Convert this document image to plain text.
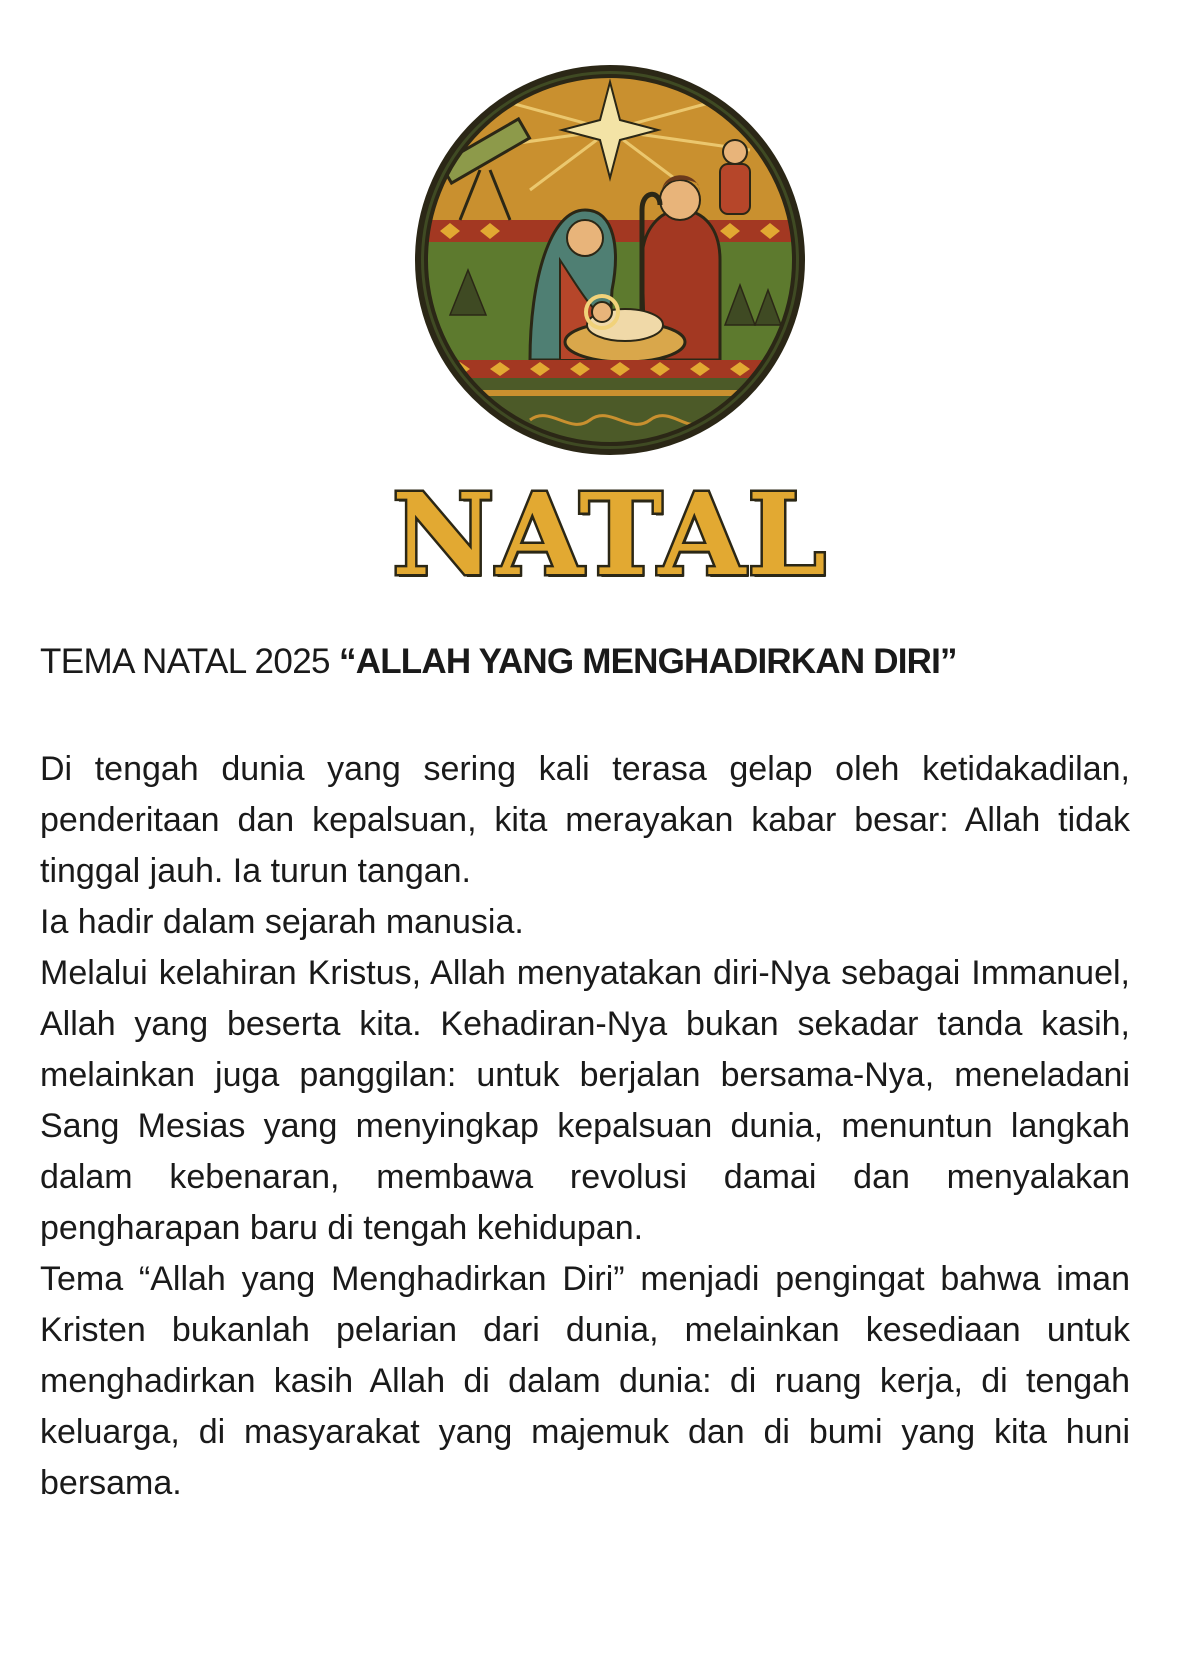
NATAL
TEMA NATAL 2025 “ALLAH YANG MENGHADIRKAN DIRI”

Di tengah dunia yang sering kali terasa gelap oleh ketidakadilan, penderitaan dan kepalsuan, kita merayakan kabar besar: Allah tidak tinggal jauh. Ia turun tangan.

Ia hadir dalam sejarah manusia.

Melalui kelahiran Kristus, Allah menyatakan diri-Nya sebagai Immanuel, Allah yang beserta kita. Kehadiran-Nya bukan sekadar tanda kasih, melainkan juga panggilan: untuk berjalan bersama-Nya, meneladani Sang Mesias yang menyingkap kepalsuan dunia, menuntun langkah dalam kebenaran, membawa revolusi damai dan menyalakan pengharapan baru di tengah kehidupan.

Tema “Allah yang Menghadirkan Diri” menjadi pengingat bahwa iman Kristen bukanlah pelarian dari dunia, melainkan kesediaan untuk menghadirkan kasih Allah di dalam dunia: di ruang kerja, di tengah keluarga, di masyarakat yang majemuk dan di bumi yang kita huni bersama.
